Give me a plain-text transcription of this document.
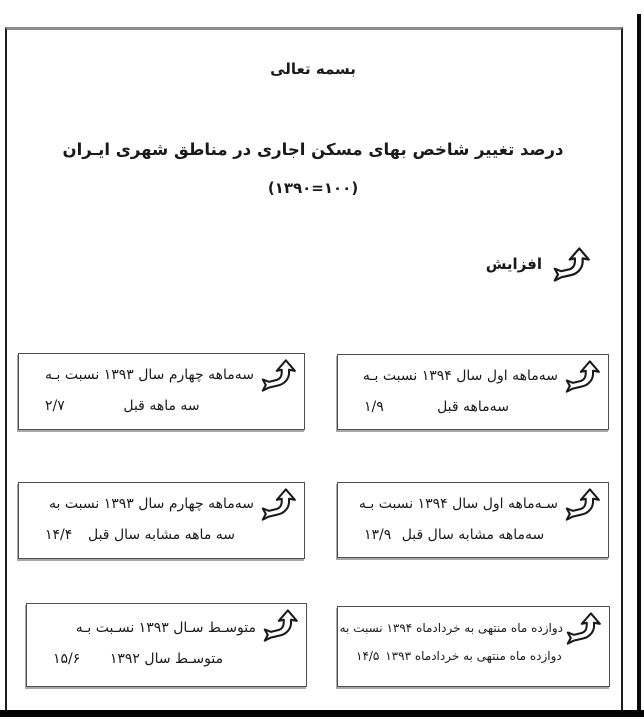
بسمه تعالی
درصد تغییر شاخص بهای مسکن اجاری در مناطق شهری ایـران
(۱۳۹۰=۱۰۰)
افزایش
سه‌ماهه اول سال ۱۳۹۴ نسبت بـه
۱/۹	سه‌ماهه قبل
سه‌ماهه چهارم سال ۱۳۹۳ نسبت بـه
۲/۷	سه ماهه قبل
سـه‌ماهه اول سال ۱۳۹۴ نسبت بـه
۱۳/۹ سه‌ماهه مشابه سال قبل
سه‌ماهه چهارم سال ۱۳۹۳ نسبت به
۱۴/۴ سه ماهه مشابه سال قبل
دوازده ماه منتهی به خردادماه ۱۳۹۴ نسبت به
۱۴/۵ دوازده ماه منتهی به خردادماه ۱۳۹۳
متوسـط سـال ۱۳۹۳ نسـبت بـه
۱۵/۶ متوسـط سال ۱۳۹۲
